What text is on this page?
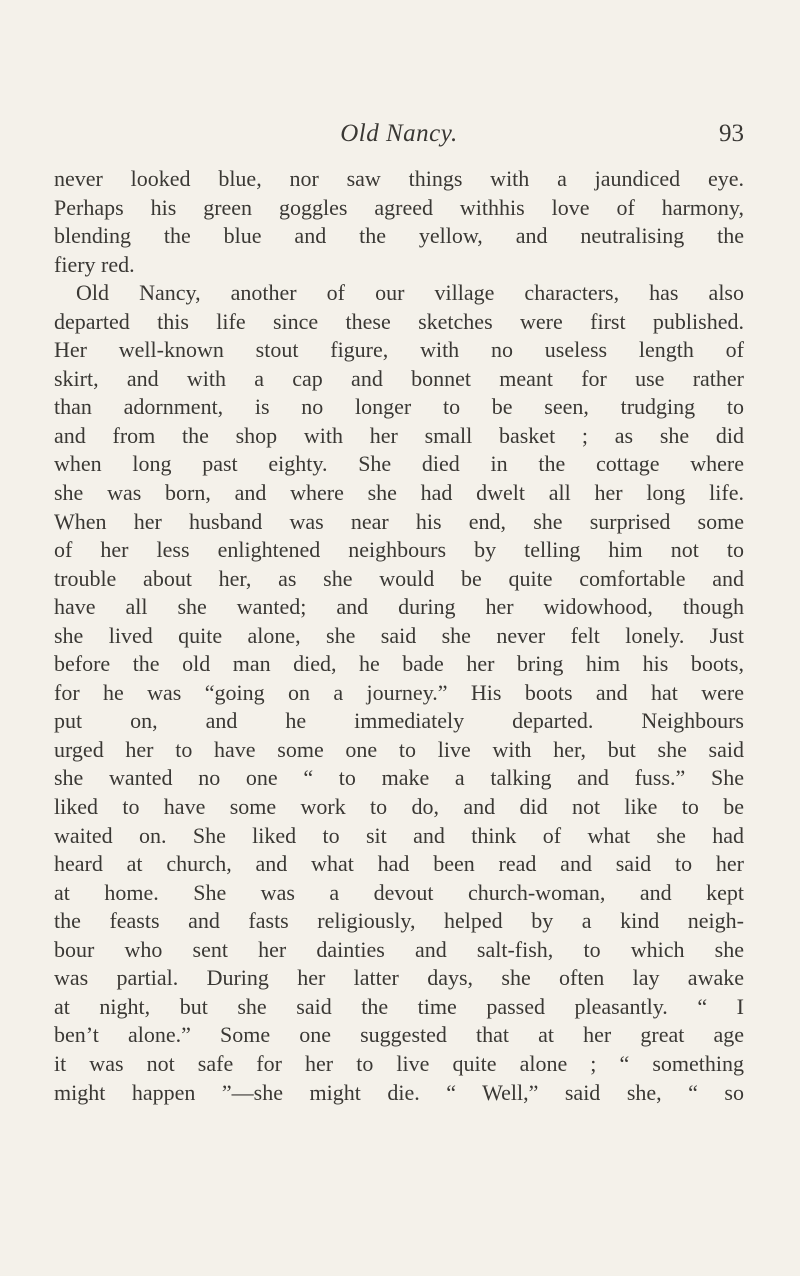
Old Nancy.	93
never looked blue, nor saw things with a jaundiced eye.
Perhaps his green goggles agreed withhis love of harmony,
blending the blue and the yellow, and neutralising the
fiery red.
Old Nancy, another of our village characters, has also
departed this life since these sketches were first published.
Her well-known stout figure, with no useless length of
skirt, and with a cap and bonnet meant for use rather
than adornment, is no longer to be seen, trudging to
and from the shop with her small basket ; as she did
when long past eighty. She died in the cottage where
she was born, and where she had dwelt all her long life.
When her husband was near his end, she surprised some
of her less enlightened neighbours by telling him not to
trouble about her, as she would be quite comfortable and
have all she wanted; and during her widowhood, though
she lived quite alone, she said she never felt lonely. Just
before the old man died, he bade her bring him his boots,
for he was “going on a journey.” His boots and hat were
put on, and he immediately departed. Neighbours
urged her to have some one to live with her, but she said
she wanted no one “ to make a talking and fuss.” She
liked to have some work to do, and did not like to be
waited on. She liked to sit and think of what she had
heard at church, and what had been read and said to her
at home. She was a devout church-woman, and kept
the feasts and fasts religiously, helped by a kind neigh-
bour who sent her dainties and salt-fish, to which she
was partial. During her latter days, she often lay awake
at night, but she said the time passed pleasantly. “ I
ben’t alone.” Some one suggested that at her great age
it was not safe for her to live quite alone ; “ something
might happen ”—she might die. “ Well,” said she, “ so
